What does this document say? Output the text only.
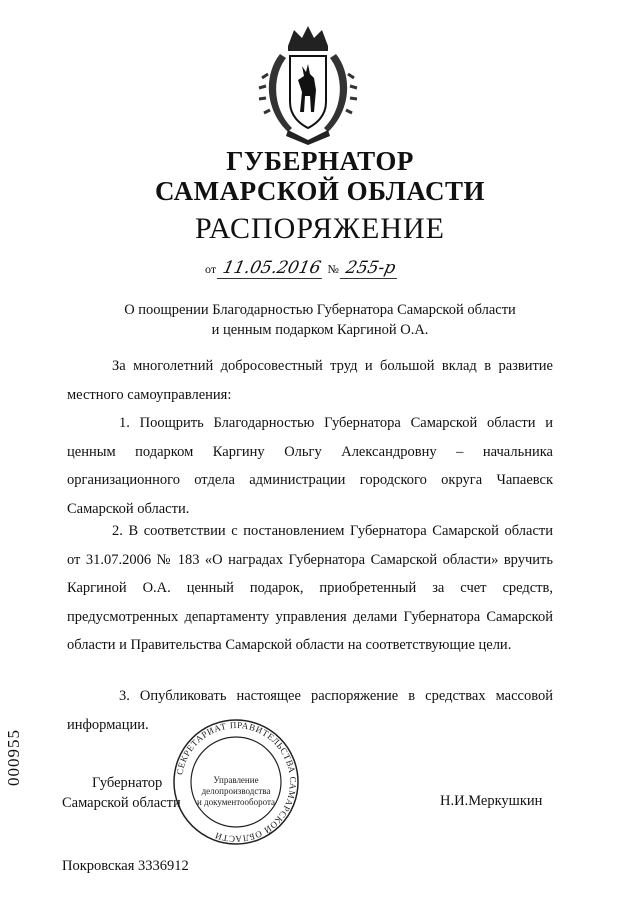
ГУБЕРНАТОР
САМАРСКОЙ ОБЛАСТИ
РАСПОРЯЖЕНИЕ
от 11.05.2016 № 255-р
О поощрении Благодарностью Губернатора Самарской области
и ценным подарком Каргиной О.А.
За многолетний добросовестный труд и большой вклад в развитие местного самоуправления:
1. Поощрить Благодарностью Губернатора Самарской области и ценным подарком Каргину Ольгу Александровну – начальника организационного отдела администрации городского округа Чапаевск Самарской области.
2. В соответствии с постановлением Губернатора Самарской области от 31.07.2006 № 183 «О наградах Губернатора Самарской области» вручить Каргиной О.А. ценный подарок, приобретенный за счет средств, предусмотренных департаменту управления делами Губернатора Самарской области и Правительства Самарской области на соответствующие цели.
3. Опубликовать настоящее распоряжение в средствах массовой информации.
СЕКРЕТАРИАТ ПРАВИТЕЛЬСТВА САМАРСКОЙ ОБЛАСТИ
Управление
делопроизводства
и документооборота
Губернатор
Самарской области	Н.И.Меркушкин
000955
Покровская 3336912
